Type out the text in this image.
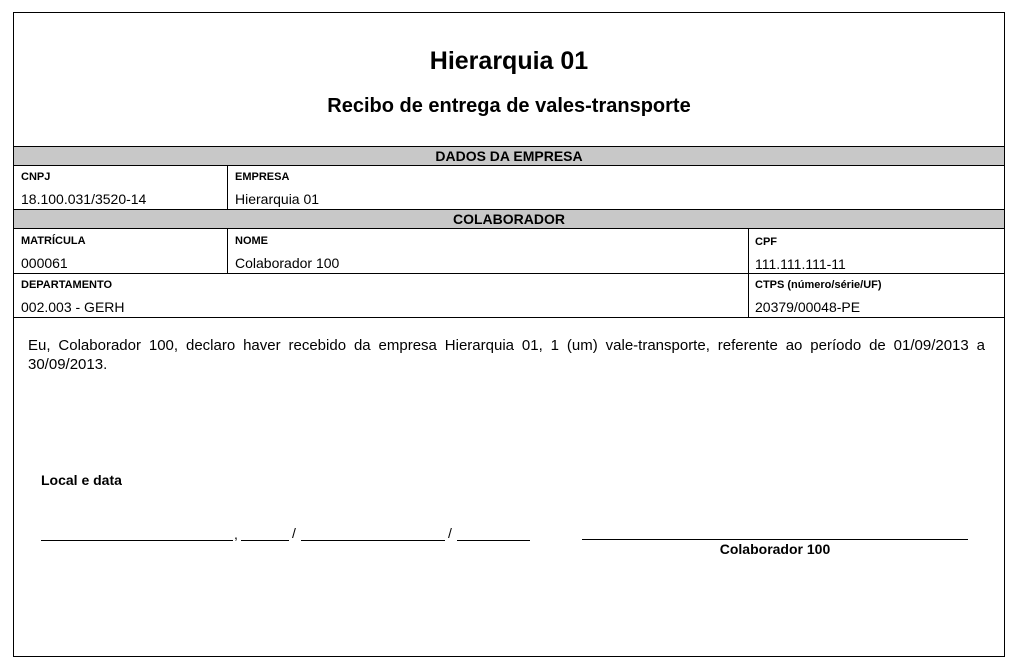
Hierarquia 01
Recibo de entrega de vales-transporte
DADOS DA EMPRESA
CNPJ
18.100.031/3520-14
EMPRESA
Hierarquia 01
COLABORADOR
MATRÍCULA
000061
NOME
Colaborador 100
CPF
111.111.111-11
DEPARTAMENTO
002.003 - GERH
CTPS (número/série/UF)
20379/00048-PE
Eu, Colaborador 100, declaro haver recebido da empresa Hierarquia 01, 1 (um) vale-transporte, referente ao período de 01/09/2013 a 30/09/2013.
Local e data
,	/	/
Colaborador 100
